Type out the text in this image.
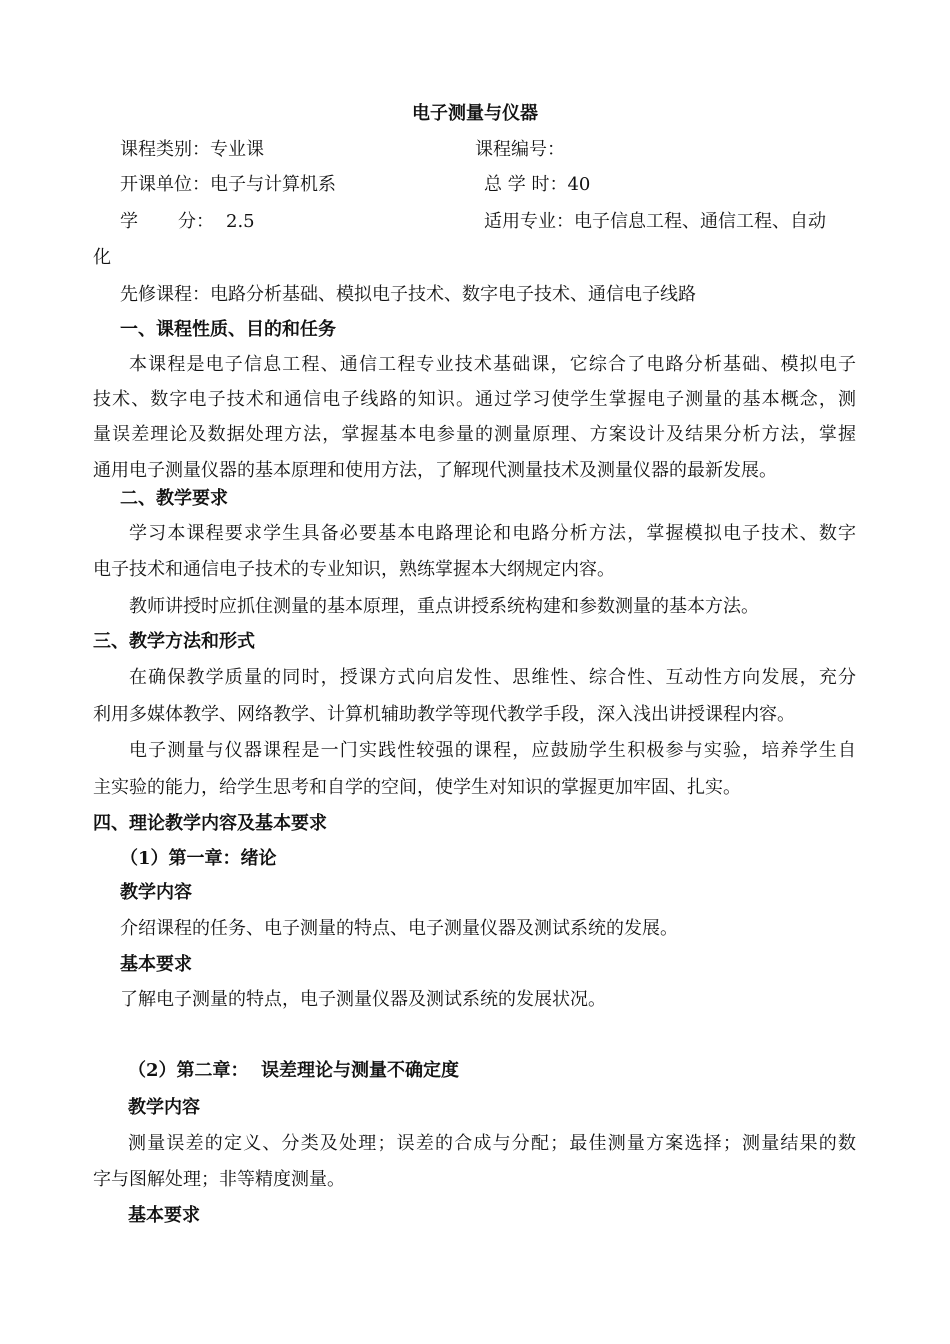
电子测量与仪器
课程类别：专业课	课程编号：
开课单位：电子与计算机系	总 学 时：40
学 分： 2.5	适用专业：电子信息工程、通信工程、自动
化
先修课程：电路分析基础、模拟电子技术、数字电子技术、通信电子线路
一、课程性质、目的和任务
本课程是电子信息工程、通信工程专业技术基础课，它综合了电路分析基础、模拟电子
技术、数字电子技术和通信电子线路的知识。通过学习使学生掌握电子测量的基本概念，测
量误差理论及数据处理方法，掌握基本电参量的测量原理、方案设计及结果分析方法，掌握
通用电子测量仪器的基本原理和使用方法，了解现代测量技术及测量仪器的最新发展。
二、教学要求
学习本课程要求学生具备必要基本电路理论和电路分析方法，掌握模拟电子技术、数字
电子技术和通信电子技术的专业知识，熟练掌握本大纲规定内容。
教师讲授时应抓住测量的基本原理，重点讲授系统构建和参数测量的基本方法。
三、教学方法和形式
在确保教学质量的同时，授课方式向启发性、思维性、综合性、互动性方向发展，充分
利用多媒体教学、网络教学、计算机辅助教学等现代教学手段，深入浅出讲授课程内容。
电子测量与仪器课程是一门实践性较强的课程，应鼓励学生积极参与实验，培养学生自
主实验的能力，给学生思考和自学的空间，使学生对知识的掌握更加牢固、扎实。
四、理论教学内容及基本要求
（1）第一章：绪论
教学内容
介绍课程的任务、电子测量的特点、电子测量仪器及测试系统的发展。
基本要求
了解电子测量的特点，电子测量仪器及测试系统的发展状况。
（2）第二章：  误差理论与测量不确定度
教学内容
测量误差的定义、分类及处理；误差的合成与分配；最佳测量方案选择；测量结果的数
字与图解处理；非等精度测量。
基本要求
